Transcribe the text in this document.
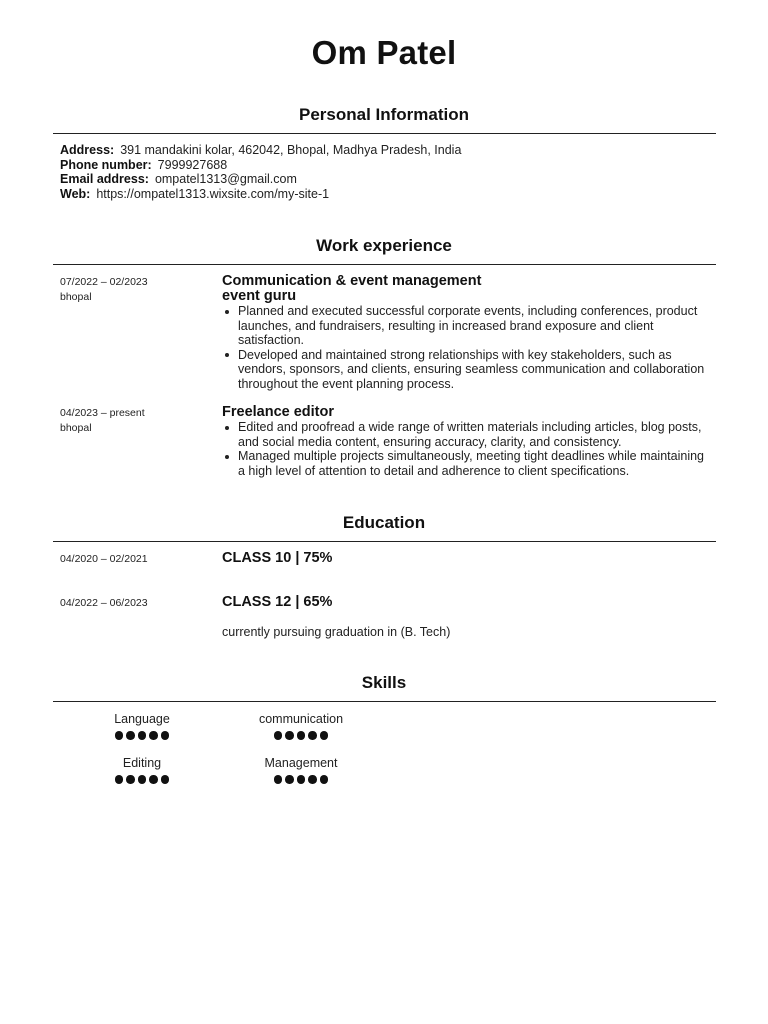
Om Patel
Personal Information
Address: 391 mandakini kolar, 462042, Bhopal, Madhya Pradesh, India
Phone number: 7999927688
Email address: ompatel1313@gmail.com
Web: https://ompatel1313.wixsite.com/my-site-1
Work experience
07/2022 – 02/2023
bhopal
Communication & event management
event guru
Planned and executed successful corporate events, including conferences, product launches, and fundraisers, resulting in increased brand exposure and client satisfaction.
Developed and maintained strong relationships with key stakeholders, such as vendors, sponsors, and clients, ensuring seamless communication and collaboration throughout the event planning process.
04/2023 – present
bhopal
Freelance editor
Edited and proofread a wide range of written materials including articles, blog posts, and social media content, ensuring accuracy, clarity, and consistency.
Managed multiple projects simultaneously, meeting tight deadlines while maintaining a high level of attention to detail and adherence to client specifications.
Education
04/2020 – 02/2021	CLASS 10 | 75%
04/2022 – 06/2023	CLASS 12 | 65%
currently pursuing graduation in (B. Tech)
Skills
Language	communication
Editing	Management
